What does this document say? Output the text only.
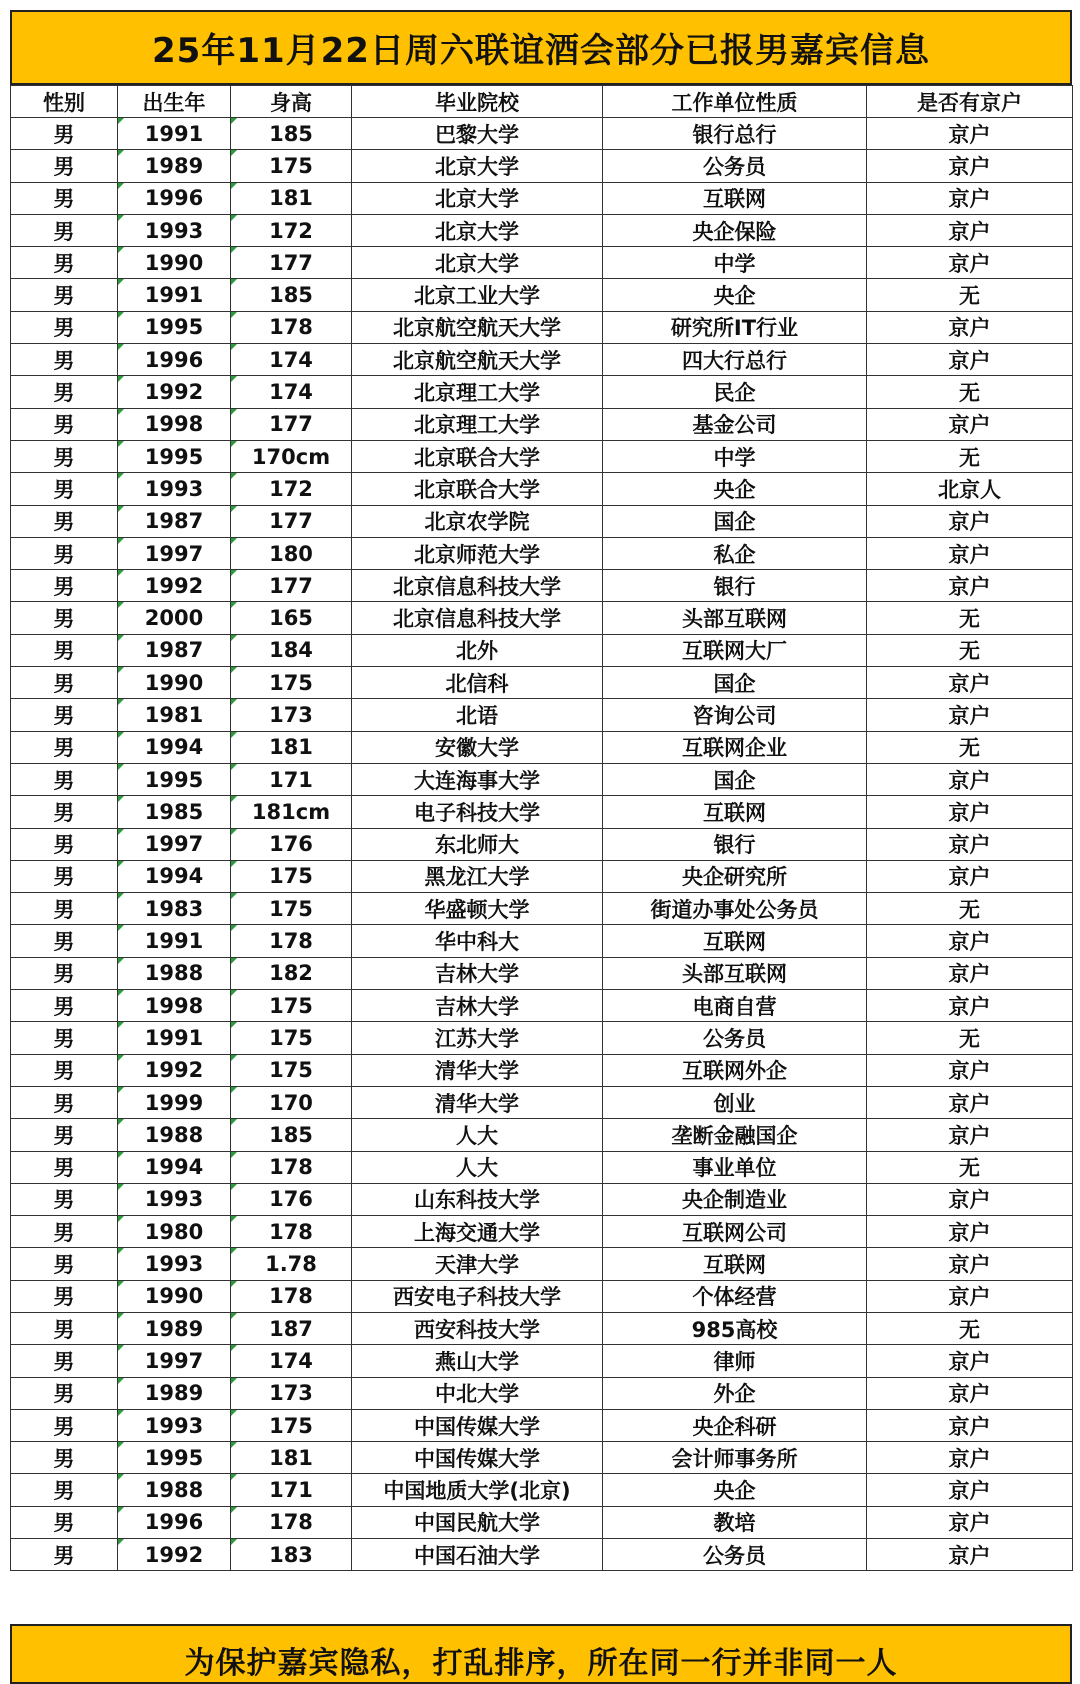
25年11月22日周六联谊酒会部分已报男嘉宾信息
性别	出生年	身高	毕业院校	工作单位性质	是否有京户
男	1991	185	巴黎大学	银行总行	京户
男	1989	175	北京大学	公务员	京户
男	1996	181	北京大学	互联网	京户
男	1993	172	北京大学	央企保险	京户
男	1990	177	北京大学	中学	京户
男	1991	185	北京工业大学	央企	无
男	1995	178	北京航空航天大学	研究所IT行业	京户
男	1996	174	北京航空航天大学	四大行总行	京户
男	1992	174	北京理工大学	民企	无
男	1998	177	北京理工大学	基金公司	京户
男	1995	170cm	北京联合大学	中学	无
男	1993	172	北京联合大学	央企	北京人
男	1987	177	北京农学院	国企	京户
男	1997	180	北京师范大学	私企	京户
男	1992	177	北京信息科技大学	银行	京户
男	2000	165	北京信息科技大学	头部互联网	无
男	1987	184	北外	互联网大厂	无
男	1990	175	北信科	国企	京户
男	1981	173	北语	咨询公司	京户
男	1994	181	安徽大学	互联网企业	无
男	1995	171	大连海事大学	国企	京户
男	1985	181cm	电子科技大学	互联网	京户
男	1997	176	东北师大	银行	京户
男	1994	175	黑龙江大学	央企研究所	京户
男	1983	175	华盛顿大学	街道办事处公务员	无
男	1991	178	华中科大	互联网	京户
男	1988	182	吉林大学	头部互联网	京户
男	1998	175	吉林大学	电商自营	京户
男	1991	175	江苏大学	公务员	无
男	1992	175	清华大学	互联网外企	京户
男	1999	170	清华大学	创业	京户
男	1988	185	人大	垄断金融国企	京户
男	1994	178	人大	事业单位	无
男	1993	176	山东科技大学	央企制造业	京户
男	1980	178	上海交通大学	互联网公司	京户
男	1993	1.78	天津大学	互联网	京户
男	1990	178	西安电子科技大学	个体经营	京户
男	1989	187	西安科技大学	985高校	无
男	1997	174	燕山大学	律师	京户
男	1989	173	中北大学	外企	京户
男	1993	175	中国传媒大学	央企科研	京户
男	1995	181	中国传媒大学	会计师事务所	京户
男	1988	171	中国地质大学(北京)	央企	京户
男	1996	178	中国民航大学	教培	京户
男	1992	183	中国石油大学	公务员	京户
为保护嘉宾隐私，打乱排序，所在同一行并非同一人
